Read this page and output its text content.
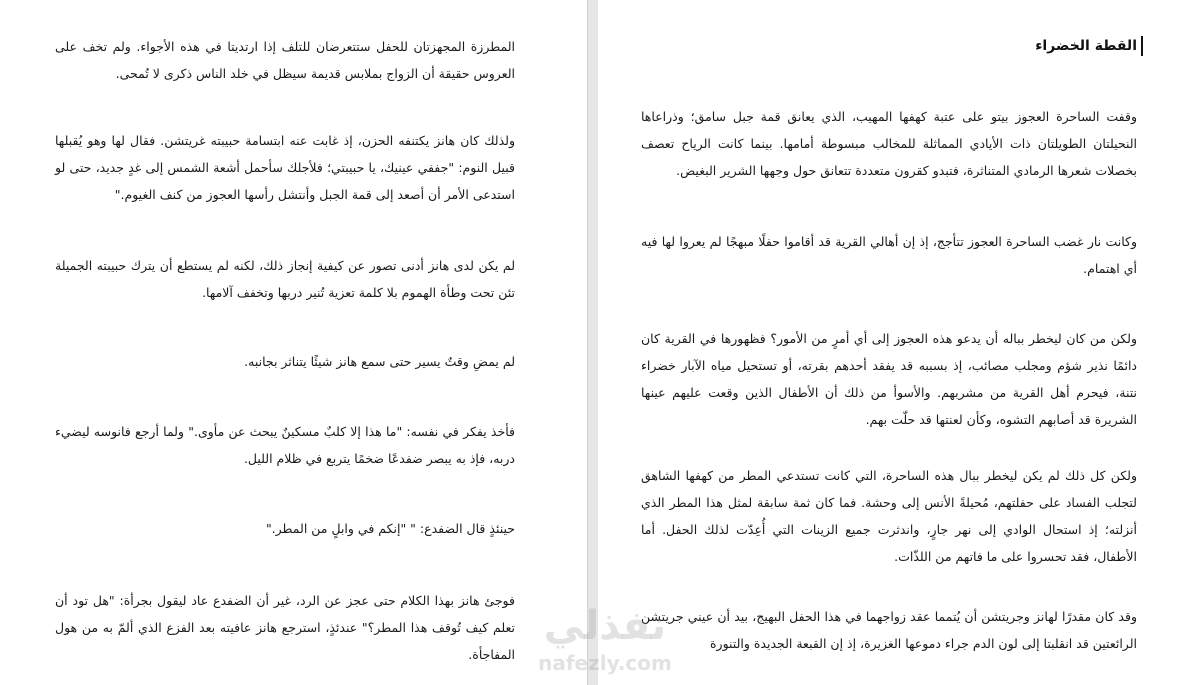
المطرزة المجهزتان للحفل ستتعرضان للتلف إذا ارتديتا في هذه الأجواء. ولم تخف على العروس حقيقة أن الزواج بملابس قديمة سيظل في خلد الناس ذكرى لا تُمحى.

ولذلك كان هانز يكتنفه الحزن، إذ غابت عنه ابتسامة حبيبته غريتشن. فقال لها وهو يُقبلها قبيل النوم: "جففي عينيك، يا حبيبتي؛ فلأجلك سأحمل أشعة الشمس إلى غدٍ جديد، حتى لو استدعى الأمر أن أصعد إلى قمة الجبل وأنتشل رأسها العجوز من كنف الغيوم."

لم يكن لدى هانز أدنى تصور عن كيفية إنجاز ذلك، لكنه لم يستطع أن يترك حبيبته الجميلة تئن تحت وطأة الهموم بلا كلمة تعزية تُنير دربها وتخفف آلامها.

لم يمضِ وقتٌ يسير حتى سمع هانز شيئًا يتناثر بجانبه.

فأخذ يفكر في نفسه: "ما هذا إلا كلبٌ مسكينٌ يبحث عن مأوى." ولما أرجع فانوسه ليضيء دربه، فإذ به يبصر ضفدعًا ضخمًا يتربع في ظلام الليل.

حينئذٍ قال الضفدع: " "إنكم في وابلٍ من المطر."

فوجئ هانز بهذا الكلام حتى عجز عن الرد، غير أن الضفدع عاد ليقول بجرأة: "هل تود أن تعلم كيف تُوقف هذا المطر؟" عندئذٍ، استرجع هانز عافيته بعد الفزع الذي ألمّ به من هول المفاجأة.

القطة الخضراء

وقفت الساحرة العجوز بيتو على عتبة كهفها المهيب، الذي يعانق قمة جبل سامق؛ وذراعاها النحيلتان الطويلتان ذات الأيادي المماثلة للمخالب مبسوطة أمامها. بينما كانت الرياح تعصف بخصلات شعرها الرمادي المتناثرة، فتبدو كقرون متعددة تتعانق حول وجهها الشرير البغيض.

وكانت نار غضب الساحرة العجوز تتأجج، إذ إن أهالي القرية قد أقاموا حفلًا مبهجًا لم يعروا لها فيه أي اهتمام.

ولكن من كان ليخطر بباله أن يدعو هذه العجوز إلى أي أمرٍ من الأمور؟ فظهورها في القرية كان دائمًا نذير شؤم ومجلب مصائب، إذ بسببه قد يفقد أحدهم بقرته، أو تستحيل مياه الآبار خضراء نتنة، فيحرم أهل القرية من مشربهم. والأسوأ من ذلك أن الأطفال الذين وقعت عليهم عينها الشريرة قد أصابهم التشوه، وكأن لعنتها قد حلّت بهم.

ولكن كل ذلك لم يكن ليخطر ببال هذه الساحرة، التي كانت تستدعي المطر من كهفها الشاهق لتجلب الفساد على حفلتهم، مُحيلةً الأنس إلى وحشة. فما كان ثمة سابقة لمثل هذا المطر الذي أنزلته؛ إذ استحال الوادي إلى نهر جارٍ، واندثرت جميع الزينات التي أُعِدّت لذلك الحفل. أما الأطفال، فقد تحسروا على ما فاتهم من اللذّات.

وقد كان مقدرًا لهانز وجريتشن أن يُتمما عقد زواجهما في هذا الحفل البهيج، بيد أن عيني جريتشن الرائعتين قد انقلبتا إلى لون الدم جراء دموعها الغزيرة، إذ إن القبعة الجديدة والتنورة

نفذلي
nafezly.com
